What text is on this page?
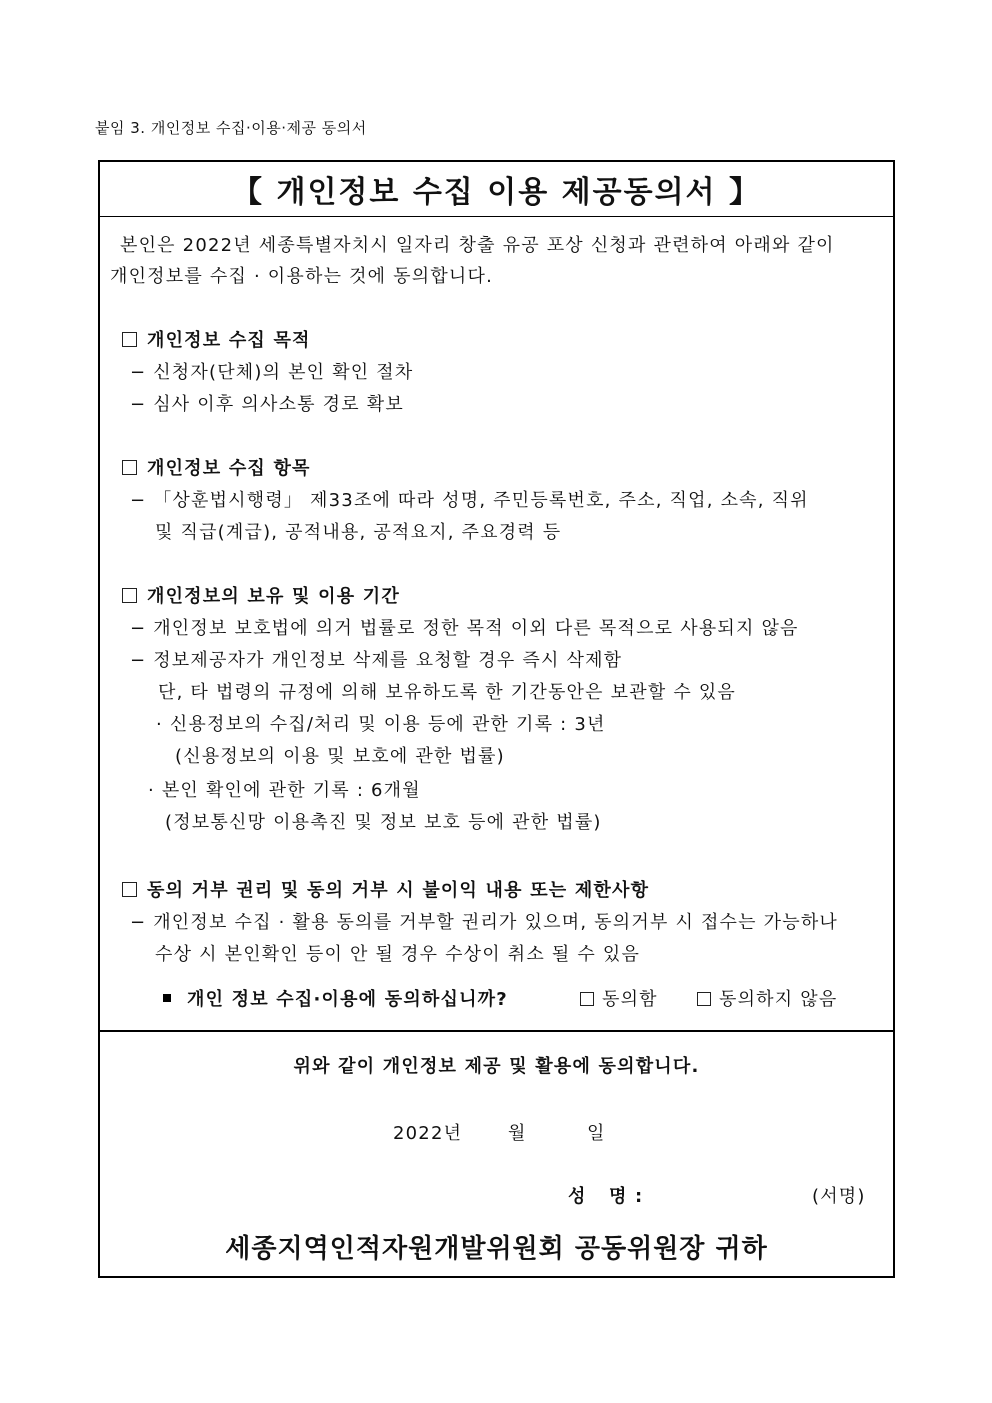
붙임 3. 개인정보 수집·이용·제공 동의서
【 개인정보 수집 이용 제공동의서 】
본인은 2022년 세종특별자치시 일자리 창출 유공 포상 신청과 관련하여 아래와 같이
개인정보를 수집 · 이용하는 것에 동의합니다.
개인정보 수집 목적
− 신청자(단체)의 본인 확인 절차
− 심사 이후 의사소통 경로 확보
개인정보 수집 항목
− 「상훈법시행령」 제33조에 따라 성명, 주민등록번호, 주소, 직업, 소속, 직위
및 직급(계급), 공적내용, 공적요지, 주요경력 등
개인정보의 보유 및 이용 기간
− 개인정보 보호법에 의거 법률로 정한 목적 이외 다른 목적으로 사용되지 않음
− 정보제공자가 개인정보 삭제를 요청할 경우 즉시 삭제함
단, 타 법령의 규정에 의해 보유하도록 한 기간동안은 보관할 수 있음
· 신용정보의 수집/처리 및 이용 등에 관한 기록 : 3년
(신용정보의 이용 및 보호에 관한 법률)
· 본인 확인에 관한 기록 : 6개월
(정보통신망 이용촉진 및 정보 보호 등에 관한 법률)
동의 거부 권리 및 동의 거부 시 불이익 내용 또는 제한사항
− 개인정보 수집 · 활용 동의를 거부할 권리가 있으며, 동의거부 시 접수는 가능하나
수상 시 본인확인 등이 안 될 경우 수상이 취소 될 수 있음
개인 정보 수집·이용에 동의하십니까?	동의함	동의하지 않음
위와 같이 개인정보 제공 및 활용에 동의합니다.
2022년	월	일
성   명 :	(서명)
세종지역인적자원개발위원회 공동위원장 귀하
